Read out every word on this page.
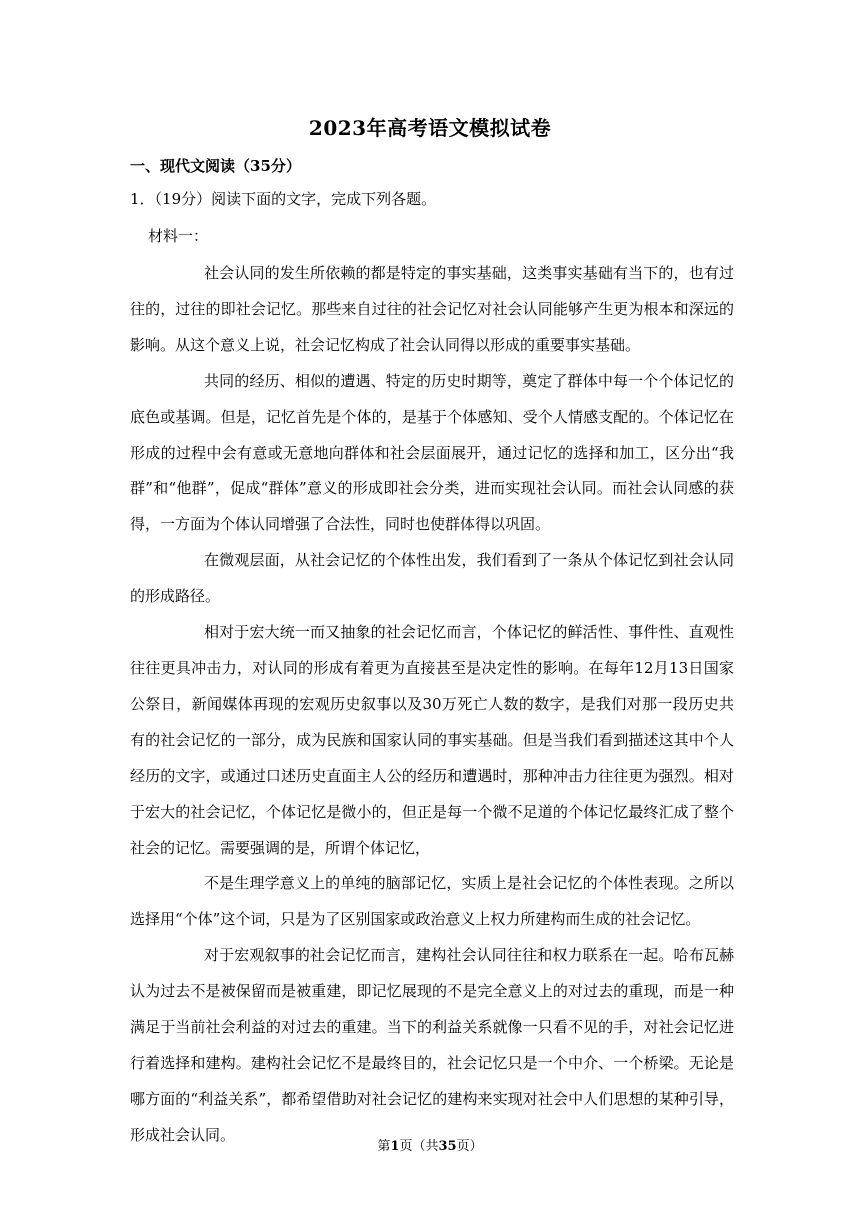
2023年高考语文模拟试卷
一、现代文阅读（35分）
1．（19分）阅读下面的文字，完成下列各题。
材料一：

社会认同的发生所依赖的都是特定的事实基础，这类事实基础有当下的，也有过往的，过往的即社会记忆。那些来自过往的社会记忆对社会认同能够产生更为根本和深远的影响。从这个意义上说，社会记忆构成了社会认同得以形成的重要事实基础。

共同的经历、相似的遭遇、特定的历史时期等，奠定了群体中每一个个体记忆的底色或基调。但是，记忆首先是个体的，是基于个体感知、受个人情感支配的。个体记忆在形成的过程中会有意或无意地向群体和社会层面展开，通过记忆的选择和加工，区分出“我群”和“他群”，促成“群体”意义的形成即社会分类，进而实现社会认同。而社会认同感的获得，一方面为个体认同增强了合法性，同时也使群体得以巩固。

在微观层面，从社会记忆的个体性出发，我们看到了一条从个体记忆到社会认同的形成路径。

相对于宏大统一而又抽象的社会记忆而言，个体记忆的鲜活性、事件性、直观性往往更具冲击力，对认同的形成有着更为直接甚至是决定性的影响。在每年12月13日国家公祭日，新闻媒体再现的宏观历史叙事以及30万死亡人数的数字，是我们对那一段历史共有的社会记忆的一部分，成为民族和国家认同的事实基础。但是当我们看到描述这其中个人经历的文字，或通过口述历史直面主人公的经历和遭遇时，那种冲击力往往更为强烈。相对于宏大的社会记忆，个体记忆是微小的，但正是每一个微不足道的个体记忆最终汇成了整个社会的记忆。需要强调的是，所谓个体记忆，

不是生理学意义上的单纯的脑部记忆，实质上是社会记忆的个体性表现。之所以选择用“个体”这个词，只是为了区别国家或政治意义上权力所建构而生成的社会记忆。

对于宏观叙事的社会记忆而言，建构社会认同往往和权力联系在一起。哈布瓦赫认为过去不是被保留而是被重建，即记忆展现的不是完全意义上的对过去的重现，而是一种满足于当前社会利益的对过去的重建。当下的利益关系就像一只看不见的手，对社会记忆进行着选择和建构。建构社会记忆不是最终目的，社会记忆只是一个中介、一个桥梁。无论是哪方面的“利益关系”，都希望借助对社会记忆的建构来实现对社会中人们思想的某种引导，形成社会认同。

第1页（共35页）
